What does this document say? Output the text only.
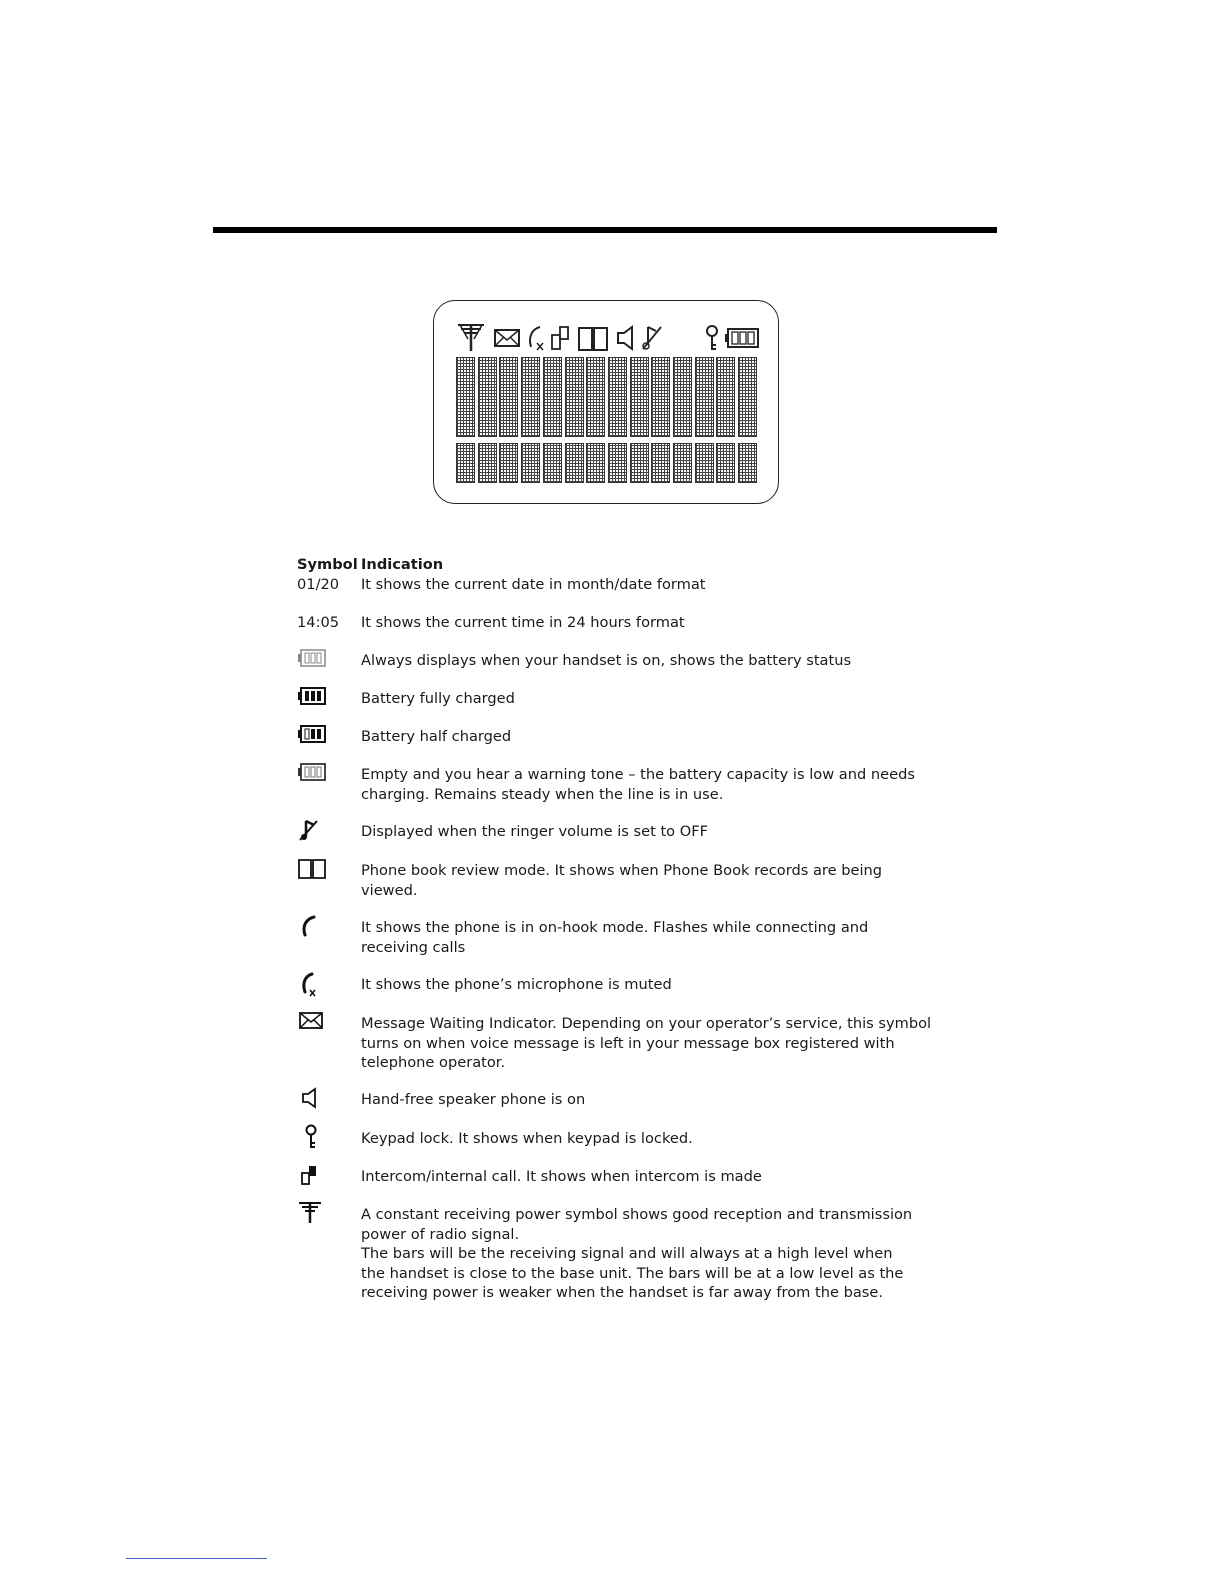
Symbol Indication
01/20	It shows the current date in month/date format
14:05	It shows the current time in 24 hours format
Always displays when your handset is on, shows the battery status
Battery fully charged
Battery half charged
Empty and you hear a warning tone – the battery capacity is low and needs
charging. Remains steady when the line is in use.
Displayed when the ringer volume is set to OFF
Phone book review mode. It shows when Phone Book records are being
viewed.
It shows the phone is in on-hook mode. Flashes while connecting and
receiving calls
It shows the phone’s microphone is muted
Message Waiting Indicator. Depending on your operator’s service, this symbol
turns on when voice message is left in your message box registered with
telephone operator.
Hand-free speaker phone is on
Keypad lock. It shows when keypad is locked.
Intercom/internal call. It shows when intercom is made
A constant receiving power symbol shows good reception and transmission
power of radio signal.
The bars will be the receiving signal and will always at a high level when
the handset is close to the base unit. The bars will be at a low level as the
receiving power is weaker when the handset is far away from the base.
